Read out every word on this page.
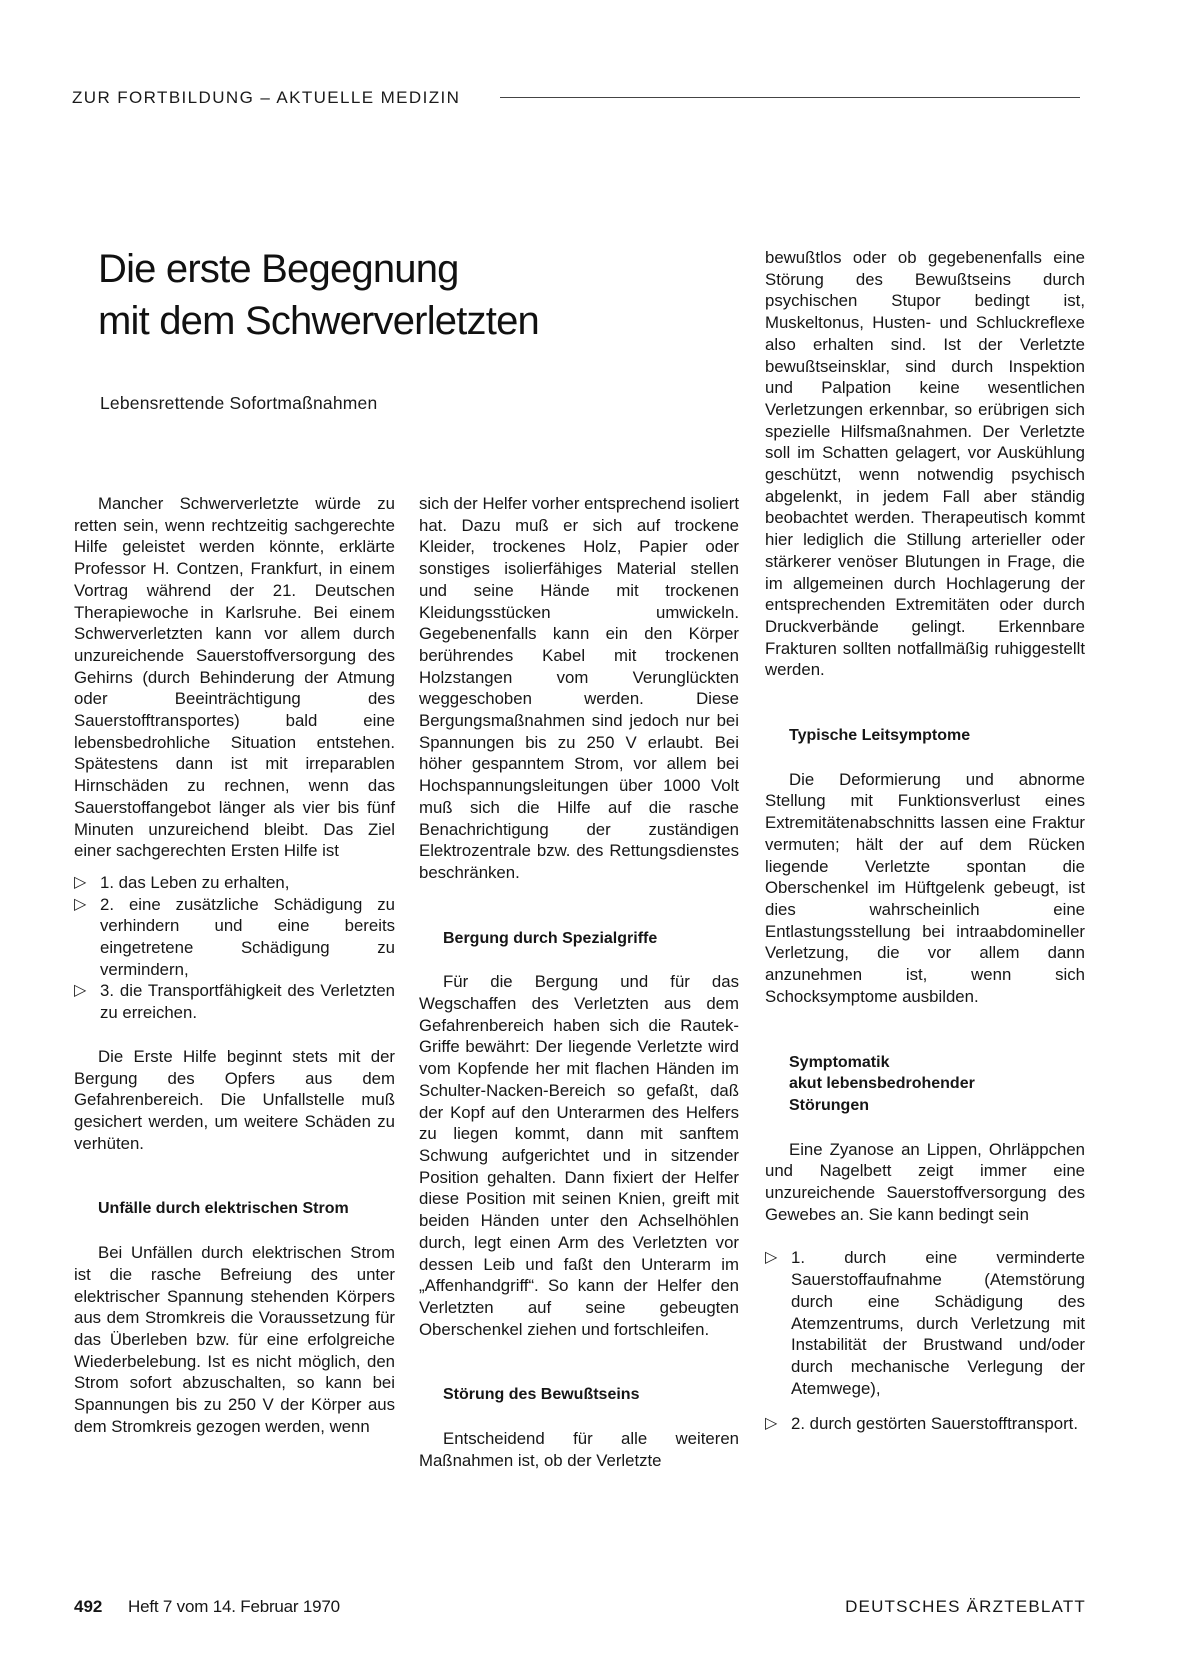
ZUR FORTBILDUNG – AKTUELLE MEDIZIN
Die erste Begegnung
mit dem Schwerverletzten
Lebensrettende Sofortmaßnahmen

Mancher Schwerverletzte würde zu retten sein, wenn rechtzeitig sachgerechte Hilfe geleistet werden könnte, erklärte Professor H. Contzen, Frankfurt, in einem Vortrag während der 21. Deutschen Therapiewoche in Karlsruhe. Bei einem Schwerverletzten kann vor allem durch unzureichende Sauerstoffversorgung des Gehirns (durch Behinderung der Atmung oder Beeinträchtigung des Sauerstofftransportes) bald eine lebensbedrohliche Situation entstehen. Spätestens dann ist mit irreparablen Hirnschäden zu rechnen, wenn das Sauerstoffangebot länger als vier bis fünf Minuten unzureichend bleibt. Das Ziel einer sachgerechten Ersten Hilfe ist

▷ 1. das Leben zu erhalten,
▷ 2. eine zusätzliche Schädigung zu verhindern und eine bereits eingetretene Schädigung zu vermindern,
▷ 3. die Transportfähigkeit des Verletzten zu erreichen.

Die Erste Hilfe beginnt stets mit der Bergung des Opfers aus dem Gefahrenbereich. Die Unfallstelle muß gesichert werden, um weitere Schäden zu verhüten.

Unfälle durch elektrischen Strom

Bei Unfällen durch elektrischen Strom ist die rasche Befreiung des unter elektrischer Spannung stehenden Körpers aus dem Stromkreis die Voraussetzung für das Überleben bzw. für eine erfolgreiche Wiederbelebung. Ist es nicht möglich, den Strom sofort abzuschalten, so kann bei Spannungen bis zu 250 V der Körper aus dem Stromkreis gezogen werden, wenn

sich der Helfer vorher entsprechend isoliert hat. Dazu muß er sich auf trockene Kleider, trockenes Holz, Papier oder sonstiges isolierfähiges Material stellen und seine Hände mit trockenen Kleidungsstücken umwickeln. Gegebenenfalls kann ein den Körper berührendes Kabel mit trockenen Holzstangen vom Verunglückten weggeschoben werden. Diese Bergungsmaßnahmen sind jedoch nur bei Spannungen bis zu 250 V erlaubt. Bei höher gespanntem Strom, vor allem bei Hochspannungsleitungen über 1000 Volt muß sich die Hilfe auf die rasche Benachrichtigung der zuständigen Elektrozentrale bzw. des Rettungsdienstes beschränken.

Bergung durch Spezialgriffe

Für die Bergung und für das Wegschaffen des Verletzten aus dem Gefahrenbereich haben sich die Rautek-Griffe bewährt: Der liegende Verletzte wird vom Kopfende her mit flachen Händen im Schulter-Nacken-Bereich so gefaßt, daß der Kopf auf den Unterarmen des Helfers zu liegen kommt, dann mit sanftem Schwung aufgerichtet und in sitzender Position gehalten. Dann fixiert der Helfer diese Position mit seinen Knien, greift mit beiden Händen unter den Achselhöhlen durch, legt einen Arm des Verletzten vor dessen Leib und faßt den Unterarm im „Affenhandgriff“. So kann der Helfer den Verletzten auf seine gebeugten Oberschenkel ziehen und fortschleifen.

Störung des Bewußtseins

Entscheidend für alle weiteren Maßnahmen ist, ob der Verletzte

bewußtlos oder ob gegebenenfalls eine Störung des Bewußtseins durch psychischen Stupor bedingt ist, Muskeltonus, Husten- und Schluckreflexe also erhalten sind. Ist der Verletzte bewußtseinsklar, sind durch Inspektion und Palpation keine wesentlichen Verletzungen erkennbar, so erübrigen sich spezielle Hilfsmaßnahmen. Der Verletzte soll im Schatten gelagert, vor Auskühlung geschützt, wenn notwendig psychisch abgelenkt, in jedem Fall aber ständig beobachtet werden. Therapeutisch kommt hier lediglich die Stillung arterieller oder stärkerer venöser Blutungen in Frage, die im allgemeinen durch Hochlagerung der entsprechenden Extremitäten oder durch Druckverbände gelingt. Erkennbare Frakturen sollten notfallmäßig ruhiggestellt werden.

Typische Leitsymptome

Die Deformierung und abnorme Stellung mit Funktionsverlust eines Extremitätenabschnitts lassen eine Fraktur vermuten; hält der auf dem Rücken liegende Verletzte spontan die Oberschenkel im Hüftgelenk gebeugt, ist dies wahrscheinlich eine Entlastungsstellung bei intraabdomineller Verletzung, die vor allem dann anzunehmen ist, wenn sich Schocksymptome ausbilden.

Symptomatik
akut lebensbedrohender
Störungen

Eine Zyanose an Lippen, Ohrläppchen und Nagelbett zeigt immer eine unzureichende Sauerstoffversorgung des Gewebes an. Sie kann bedingt sein

▷ 1. durch eine verminderte Sauerstoffaufnahme (Atemstörung durch eine Schädigung des Atemzentrums, durch Verletzung mit Instabilität der Brustwand und/oder durch mechanische Verlegung der Atemwege),
▷ 2. durch gestörten Sauerstofftransport.
492 Heft 7 vom 14. Februar 1970	DEUTSCHES ÄRZTEBLATT
